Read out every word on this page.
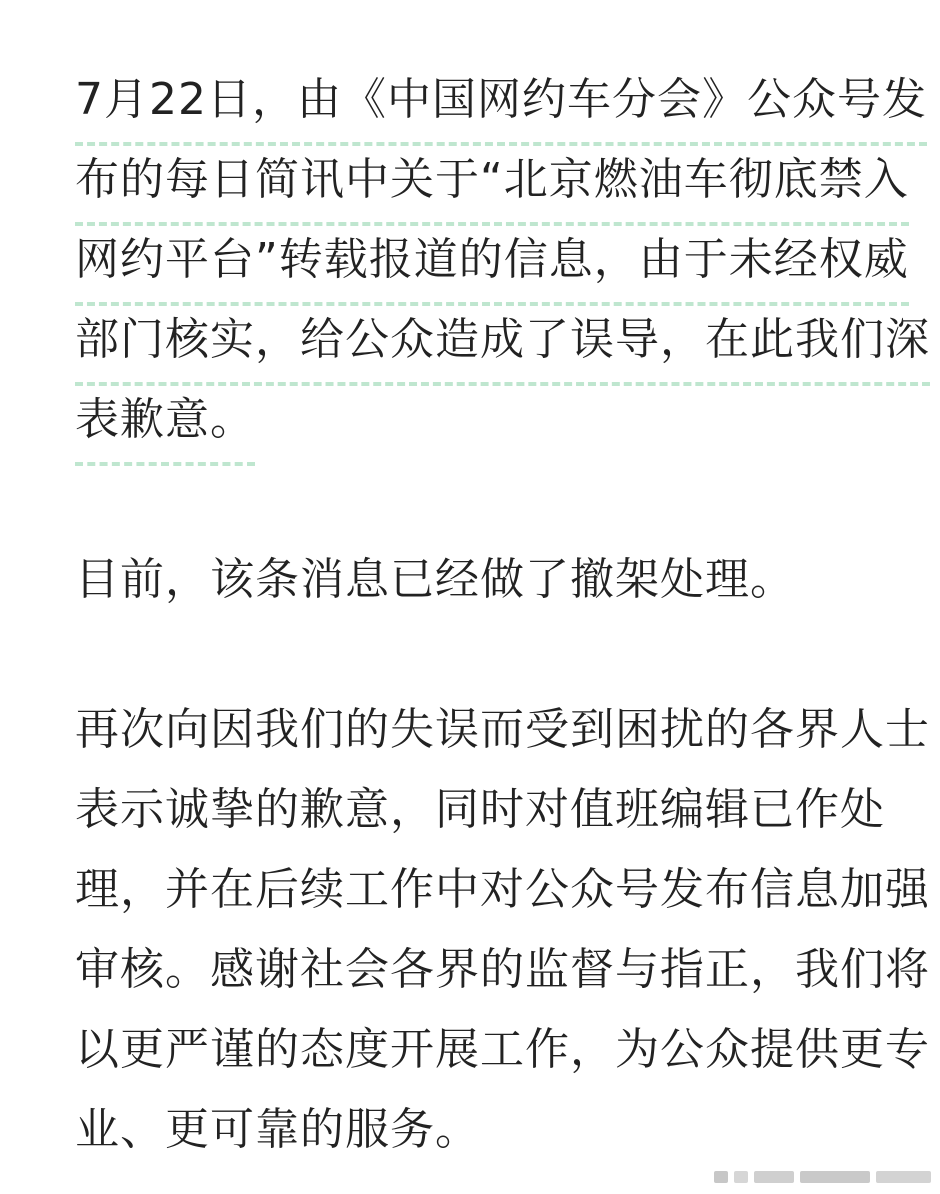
7月22日，由《中国网约车分会》公众号发
布的每日简讯中关于“北京燃油车彻底禁入
网约平台”转载报道的信息，由于未经权威
部门核实，给公众造成了误导，在此我们深
表歉意。
目前，该条消息已经做了撤架处理。
再次向因我们的失误而受到困扰的各界人士
表示诚挚的歉意，同时对值班编辑已作处
理，并在后续工作中对公众号发布信息加强
审核。感谢社会各界的监督与指正，我们将
以更严谨的态度开展工作，为公众提供更专
业、更可靠的服务。
